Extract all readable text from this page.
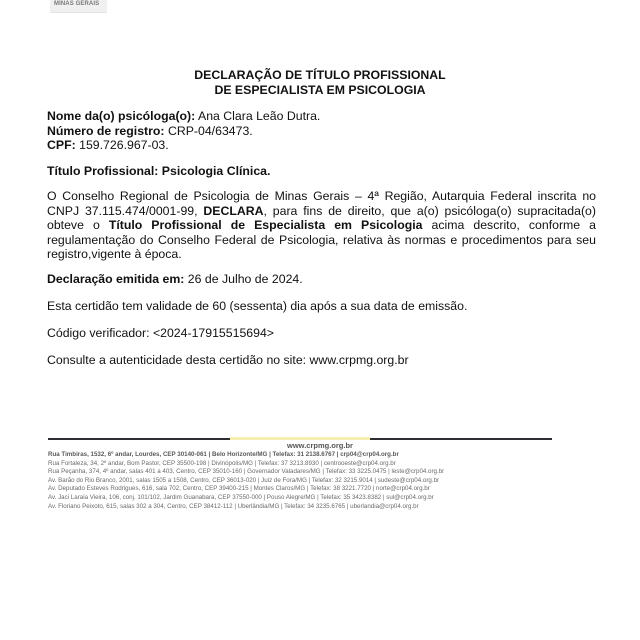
MINAS GERAIS
DECLARAÇÃO DE TÍTULO PROFISSIONAL
DE ESPECIALISTA EM PSICOLOGIA
Nome da(o) psicóloga(o): Ana Clara Leão Dutra.
Número de registro: CRP-04/63473.
CPF: 159.726.967-03.
Título Profissional: Psicologia Clínica.
O Conselho Regional de Psicologia de Minas Gerais – 4ª Região, Autarquia Federal inscrita no CNPJ 37.115.474/0001-99, DECLARA, para fins de direito, que a(o) psicóloga(o) supracitada(o) obteve o Título Profissional de Especialista em Psicologia acima descrito, conforme a regulamentação do Conselho Federal de Psicologia, relativa às normas e procedimentos para seu registro,vigente à época.
Declaração emitida em: 26 de Julho de 2024.
Esta certidão tem validade de 60 (sessenta) dia após a sua data de emissão.
Código verificador: <2024-17915515694>
Consulte a autenticidade desta certidão no site: www.crpmg.org.br
www.crpmg.org.br
Rua Timbiras, 1532, 6º andar, Lourdes, CEP 30140-061 | Belo Horizonte/MG | Telefax: 31 2138.6767 | crp04@crp04.org.br
Rua Fortaleza, 34, 2º andar, Bom Pastor, CEP 35500-198 | Divinópolis/MG | Telefax: 37 3213.8930 | centrooeste@crp04.org.br
Rua Peçanha, 374, 4º andar, salas 401 a 403, Centro, CEP 35010-160 | Governador Valadares/MG | Telefax: 33 3225.0475 | leste@crp04.org.br
Av. Barão do Rio Branco, 2001, salas 1505 a 1508, Centro, CEP 36013-020 | Juiz de Fora/MG | Telefax: 32 3215.9014 | sudeste@crp04.org.br
Av. Deputado Esteves Rodrigues, 616, sala 702, Centro, CEP 39400-215 | Montes Claros/MG | Telefax: 38 3221.7720 | norte@crp04.org.br
Av. Jaci Laraia Vieira, 106, conj. 101/102, Jardim Guanabara, CEP 37550-000 | Pouso Alegre/MG | Telefax: 35 3423.8382 | sul@crp04.org.br
Av. Floriano Peixoto, 615, salas 302 a 304, Centro, CEP 38412-112 | Uberlândia/MG | Telefax: 34 3235.6765 | uberlandia@crp04.org.br
